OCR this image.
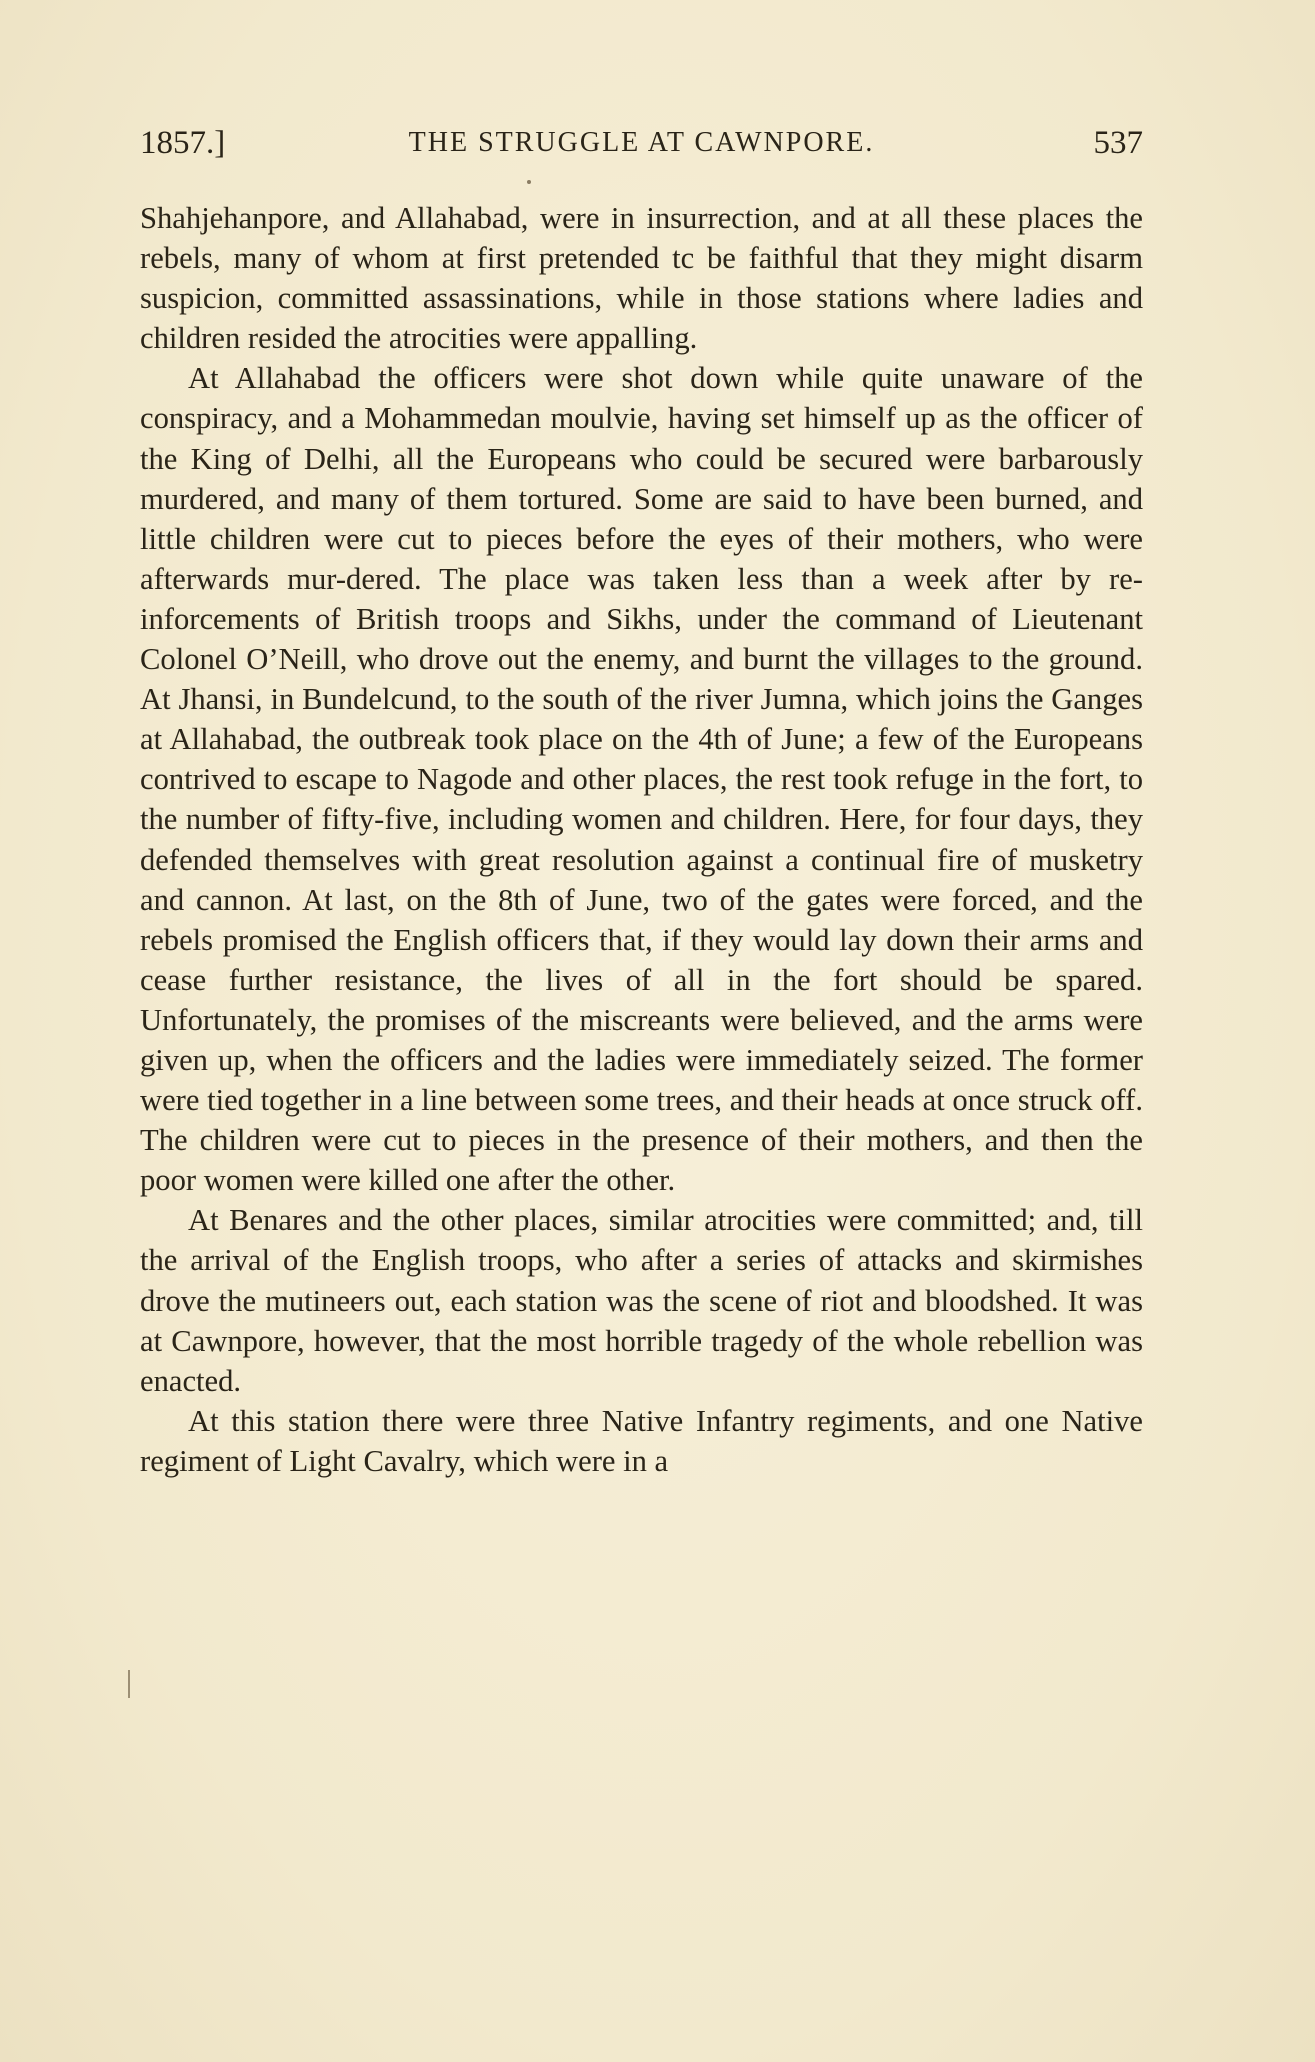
1857.]	THE STRUGGLE AT CAWNPORE.	537

Shahjehanpore, and Allahabad, were in insurrection, and at all these places the rebels, many of whom at first pretended tc be faithful that they might disarm suspicion, committed assassinations, while in those stations where ladies and children resided the atrocities were appalling.

At Allahabad the officers were shot down while quite unaware of the conspiracy, and a Mohammedan moulvie, having set himself up as the officer of the King of Delhi, all the Europeans who could be secured were barbarously murdered, and many of them tortured. Some are said to have been burned, and little children were cut to pieces before the eyes of their mothers, who were afterwards mur-dered. The place was taken less than a week after by re-inforcements of British troops and Sikhs, under the command of Lieutenant Colonel O’Neill, who drove out the enemy, and burnt the villages to the ground. At Jhansi, in Bundelcund, to the south of the river Jumna, which joins the Ganges at Allahabad, the outbreak took place on the 4th of June; a few of the Europeans contrived to escape to Nagode and other places, the rest took refuge in the fort, to the number of fifty-five, including women and children. Here, for four days, they defended themselves with great resolution against a continual fire of musketry and cannon. At last, on the 8th of June, two of the gates were forced, and the rebels promised the English officers that, if they would lay down their arms and cease further resistance, the lives of all in the fort should be spared. Unfortunately, the promises of the miscreants were believed, and the arms were given up, when the officers and the ladies were immediately seized. The former were tied together in a line between some trees, and their heads at once struck off. The children were cut to pieces in the presence of their mothers, and then the poor women were killed one after the other.

At Benares and the other places, similar atrocities were committed; and, till the arrival of the English troops, who after a series of attacks and skirmishes drove the mutineers out, each station was the scene of riot and bloodshed. It was at Cawnpore, however, that the most horrible tragedy of the whole rebellion was enacted.

At this station there were three Native Infantry regiments, and one Native regiment of Light Cavalry, which were in a
